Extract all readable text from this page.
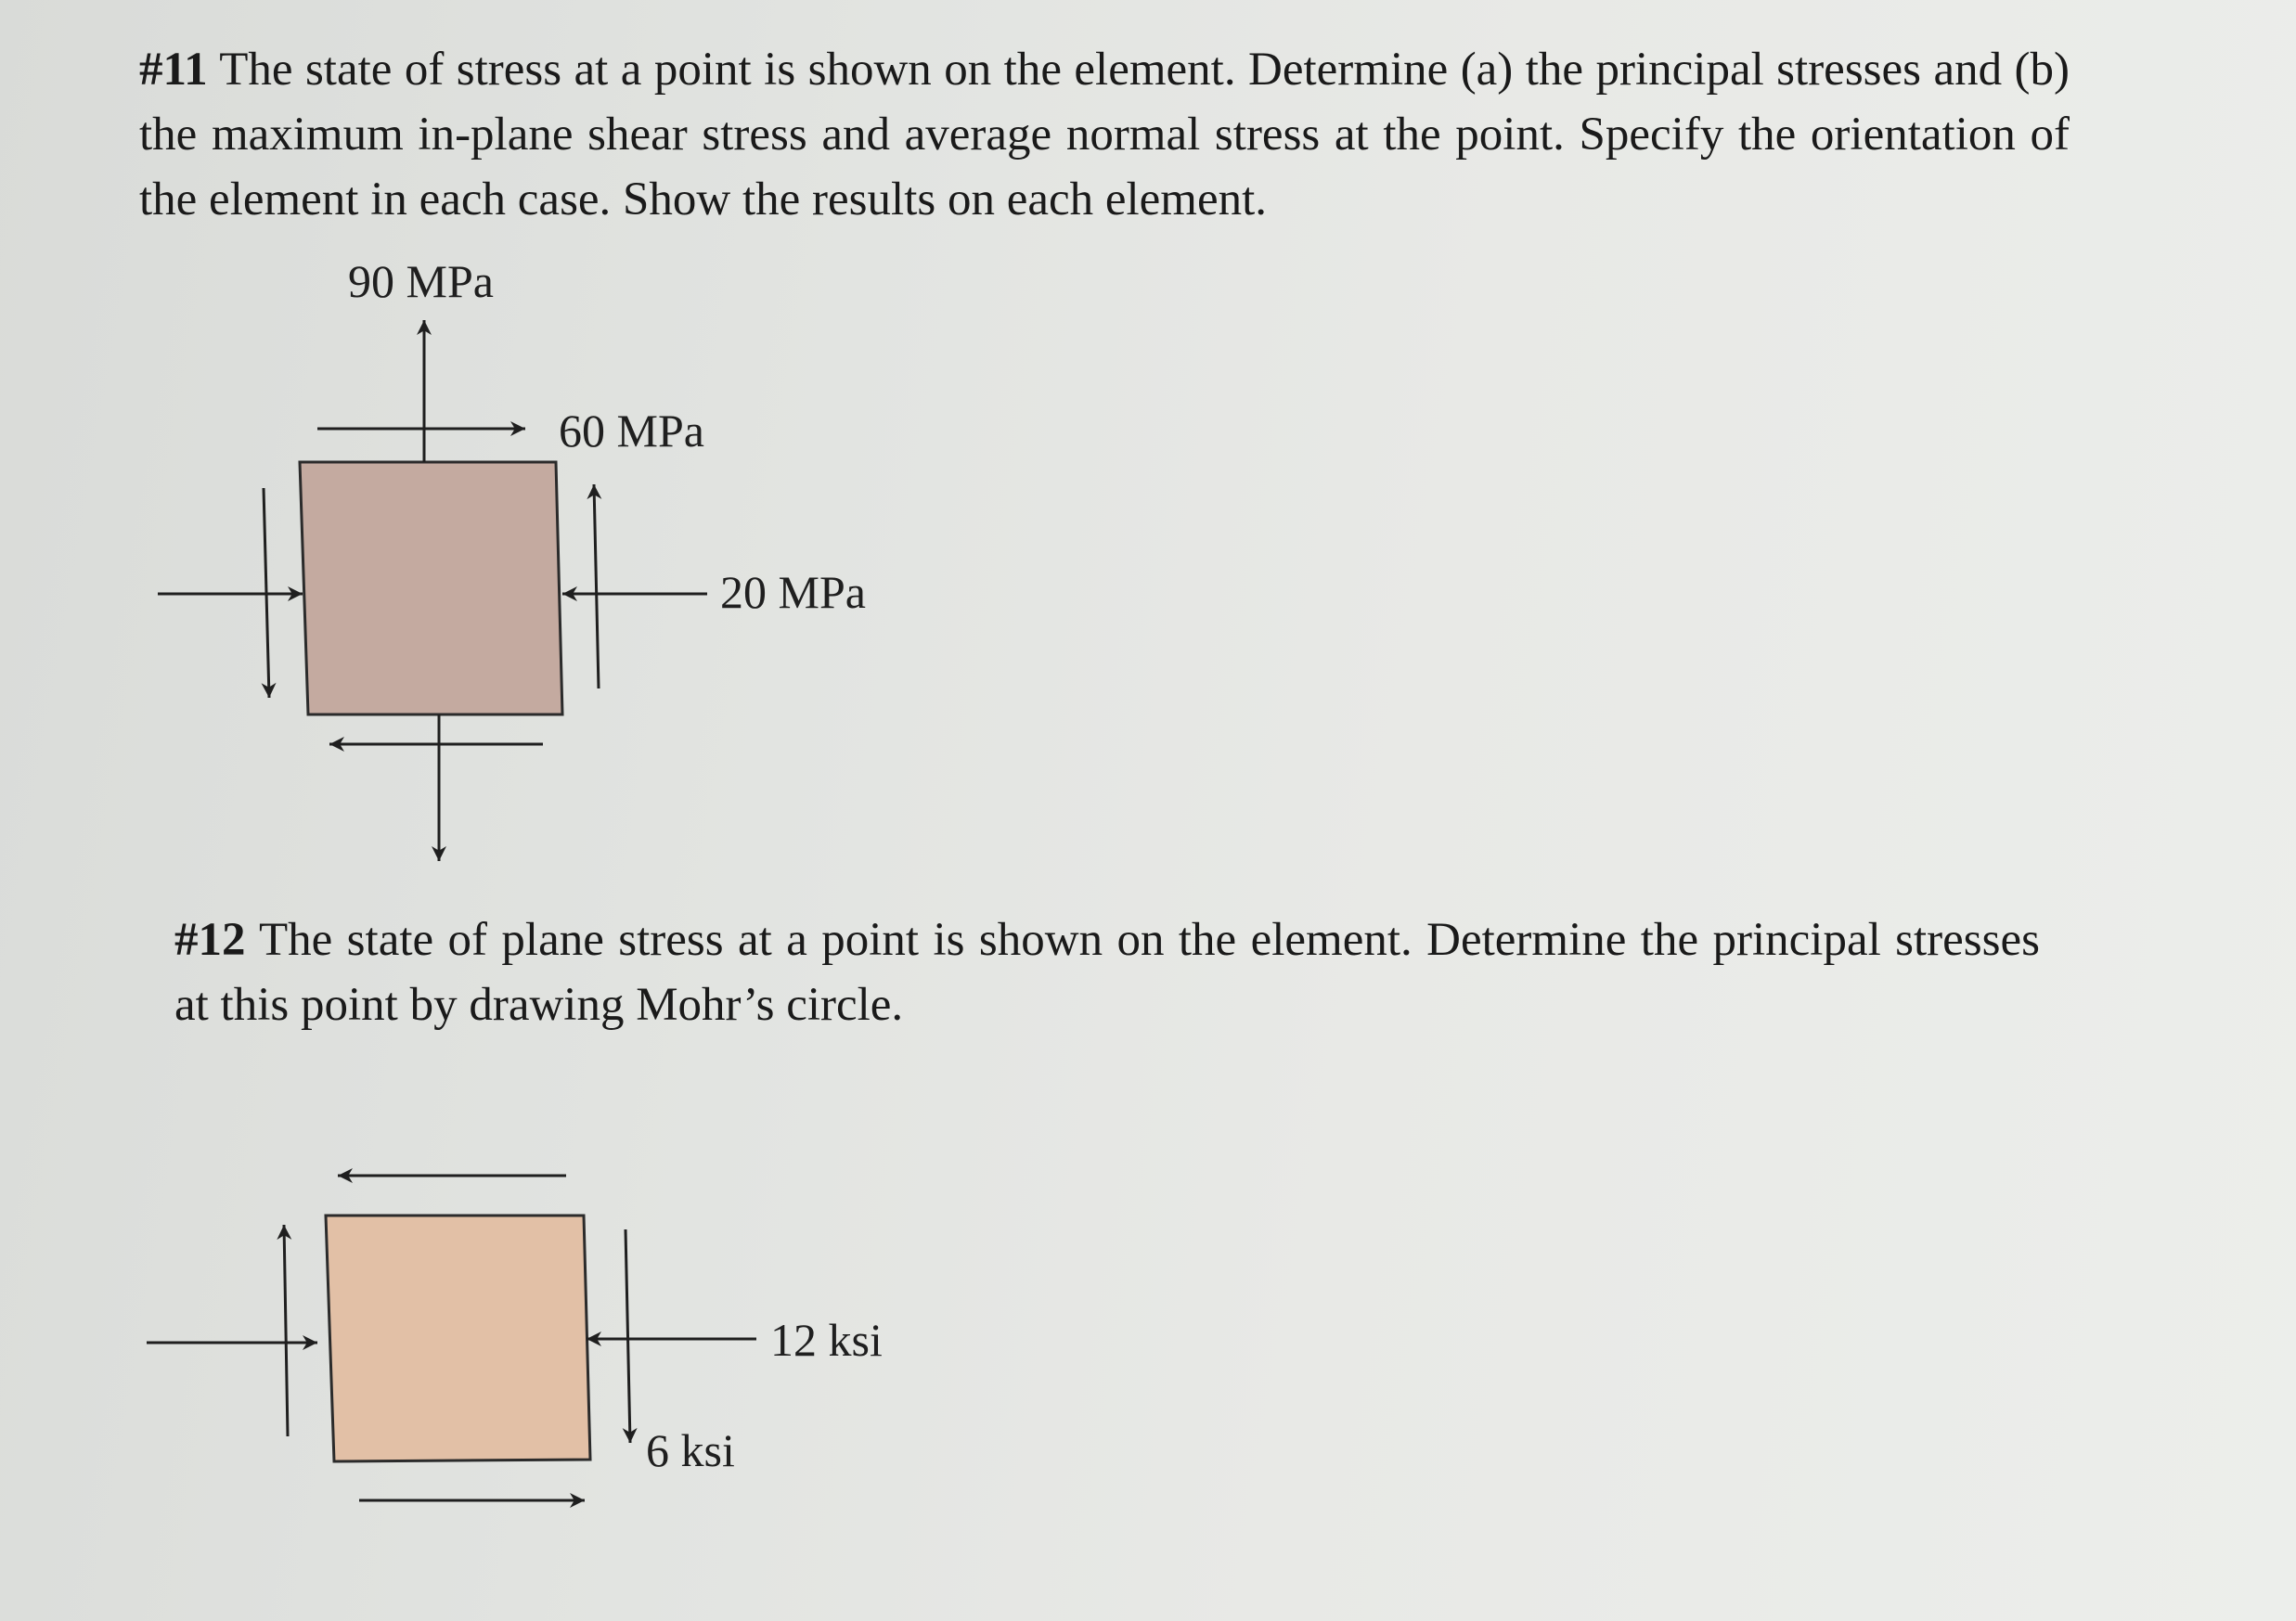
#11 The state of stress at a point is shown on the element. Determine (a) the principal stresses and (b) the maximum in-plane shear stress and average normal stress at the point. Specify the orientation of the element in each case. Show the results on each element.
#12 The state of plane stress at a point is shown on the element. Determine the principal stresses at this point by drawing Mohr’s circle.
90 MPa
60 MPa
20 MPa
12 ksi
6 ksi
